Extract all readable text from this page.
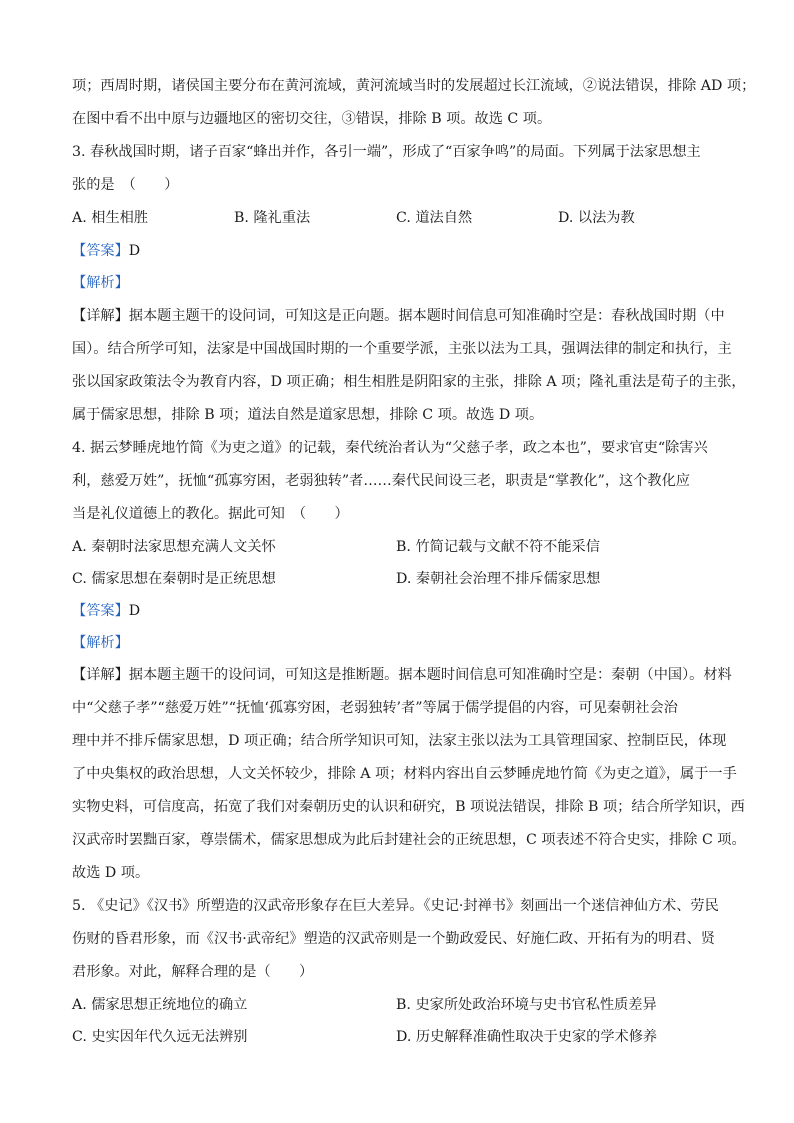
项；西周时期，诸侯国主要分布在黄河流域，黄河流域当时的发展超过长江流域，②说法错误，排除 AD 项；
在图中看不出中原与边疆地区的密切交往，③错误，排除 B 项。故选 C 项。
3. 春秋战国时期，诸子百家“蜂出并作，各引一端”，形成了“百家争鸣”的局面。下列属于法家思想主
张的是　（　　）
A. 相生相胜	B. 隆礼重法	C. 道法自然	D. 以法为教
【答案】D
【解析】
【详解】据本题主题干的设问词，可知这是正向题。据本题时间信息可知准确时空是：春秋战国时期（中
国）。结合所学可知，法家是中国战国时期的一个重要学派，主张以法为工具，强调法律的制定和执行，主
张以国家政策法令为教育内容，D 项正确；相生相胜是阴阳家的主张，排除 A 项；隆礼重法是荀子的主张，
属于儒家思想，排除 B 项；道法自然是道家思想，排除 C 项。故选 D 项。
4. 据云梦睡虎地竹简《为吏之道》的记载，秦代统治者认为“父慈子孝，政之本也”，要求官吏“除害兴
利，慈爱万姓”，抚恤“孤寡穷困，老弱独转”者……秦代民间设三老，职责是“掌教化”，这个教化应
当是礼仪道德上的教化。据此可知　（　　）
A. 秦朝时法家思想充满人文关怀	B. 竹简记载与文献不符不能采信
C. 儒家思想在秦朝时是正统思想	D. 秦朝社会治理不排斥儒家思想
【答案】D
【解析】
【详解】据本题主题干的设问词，可知这是推断题。据本题时间信息可知准确时空是：秦朝（中国）。材料
中“父慈子孝”“慈爱万姓”“抚恤‘孤寡穷困，老弱独转’者”等属于儒学提倡的内容，可见秦朝社会治
理中并不排斥儒家思想，D 项正确；结合所学知识可知，法家主张以法为工具管理国家、控制臣民，体现
了中央集权的政治思想，人文关怀较少，排除 A 项；材料内容出自云梦睡虎地竹简《为吏之道》，属于一手
实物史料，可信度高，拓宽了我们对秦朝历史的认识和研究，B 项说法错误，排除 B 项；结合所学知识，西
汉武帝时罢黜百家，尊崇儒术，儒家思想成为此后封建社会的正统思想，C 项表述不符合史实，排除 C 项。
故选 D 项。
5. 《史记》《汉书》所塑造的汉武帝形象存在巨大差异。《史记·封禅书》刻画出一个迷信神仙方术、劳民
伤财的昏君形象，而《汉书·武帝纪》塑造的汉武帝则是一个勤政爱民、好施仁政、开拓有为的明君、贤
君形象。对此，解释合理的是（　　）
A. 儒家思想正统地位的确立	B. 史家所处政治环境与史书官私性质差异
C. 史实因年代久远无法辨别	D. 历史解释准确性取决于史家的学术修养
